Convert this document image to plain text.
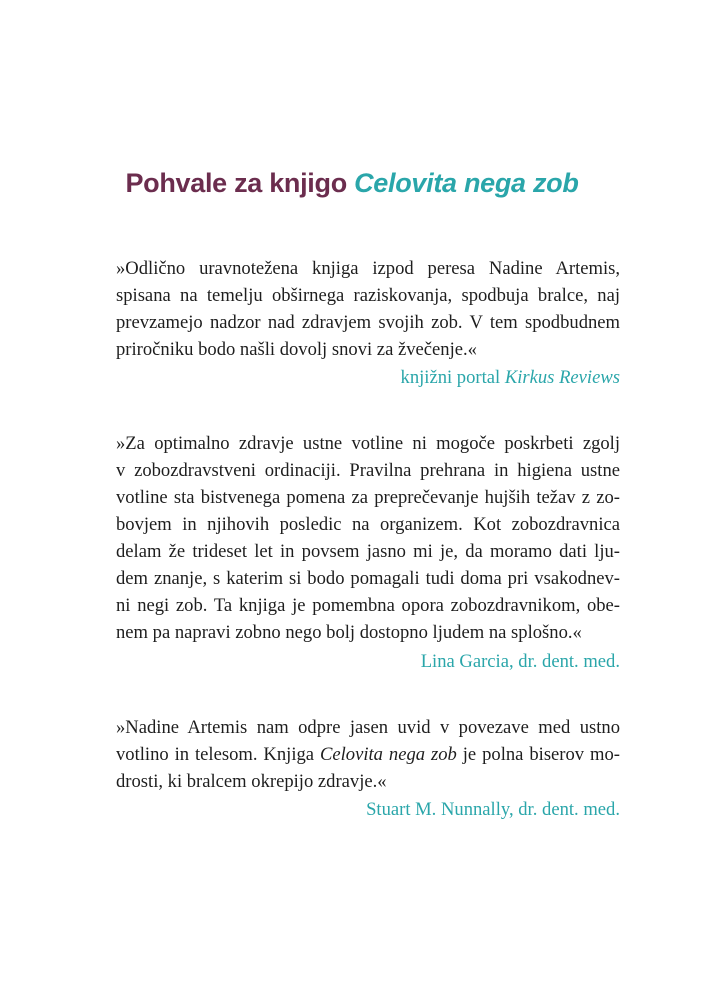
Pohvale za knjigo Celovita nega zob

»Odlično uravnotežena knjiga izpod peresa Nadine Artemis,
spisana na temelju obširnega raziskovanja, spodbuja bralce, naj
prevzamejo nadzor nad zdravjem svojih zob. V tem spodbudnem
priročniku bodo našli dovolj snovi za žvečenje.«

knjižni portal Kirkus Reviews

»Za optimalno zdravje ustne votline ni mogoče poskrbeti zgolj
v zobozdravstveni ordinaciji. Pravilna prehrana in higiena ustne
votline sta bistvenega pomena za preprečevanje hujših težav z zo-
bovjem in njihovih posledic na organizem. Kot zobozdravnica
delam že trideset let in povsem jasno mi je, da moramo dati lju-
dem znanje, s katerim si bodo pomagali tudi doma pri vsakodnev-
ni negi zob. Ta knjiga je pomembna opora zobozdravnikom, obe-
nem pa napravi zobno nego bolj dostopno ljudem na splošno.«

Lina Garcia, dr. dent. med.

»Nadine Artemis nam odpre jasen uvid v povezave med ustno
votlino in telesom. Knjiga Celovita nega zob je polna biserov mo-
drosti, ki bralcem okrepijo zdravje.«

Stuart M. Nunnally, dr. dent. med.
